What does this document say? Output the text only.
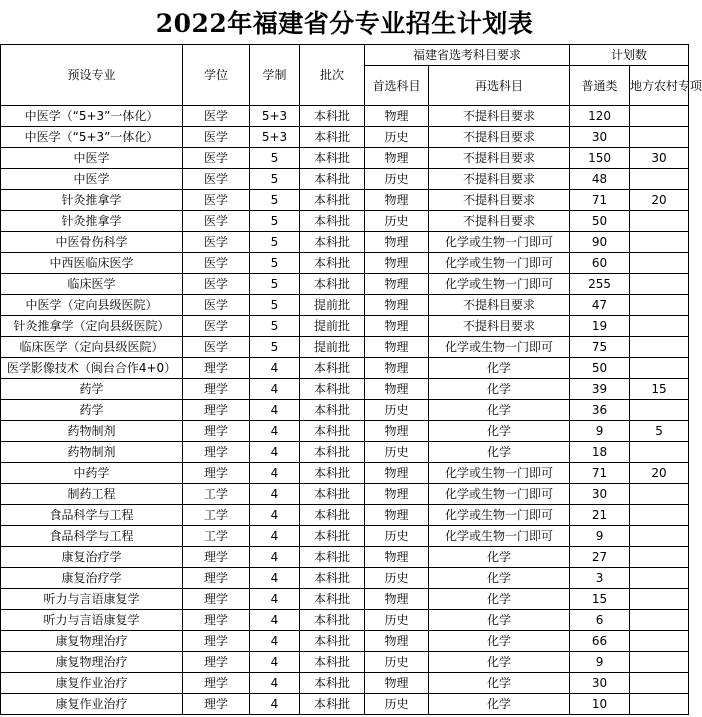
2022年福建省分专业招生计划表
预设专业	学位	学制	批次	福建省选考科目要求		计划数	
				首选科目	再选科目	普通类	地方农村专项
中医学（“5+3”一体化）	医学	5+3	本科批	物理	不提科目要求	120	
中医学（“5+3”一体化）	医学	5+3	本科批	历史	不提科目要求	30	
中医学	医学	5	本科批	物理	不提科目要求	150	30
中医学	医学	5	本科批	历史	不提科目要求	48	
针灸推拿学	医学	5	本科批	物理	不提科目要求	71	20
针灸推拿学	医学	5	本科批	历史	不提科目要求	50	
中医骨伤科学	医学	5	本科批	物理	化学或生物一门即可	90	
中西医临床医学	医学	5	本科批	物理	化学或生物一门即可	60	
临床医学	医学	5	本科批	物理	化学或生物一门即可	255	
中医学（定向县级医院）	医学	5	提前批	物理	不提科目要求	47	
针灸推拿学（定向县级医院）	医学	5	提前批	物理	不提科目要求	19	
临床医学（定向县级医院）	医学	5	提前批	物理	化学或生物一门即可	75	
医学影像技术（闽台合作4+0）	理学	4	本科批	物理	化学	50	
药学	理学	4	本科批	物理	化学	39	15
药学	理学	4	本科批	历史	化学	36	
药物制剂	理学	4	本科批	物理	化学	9	5
药物制剂	理学	4	本科批	历史	化学	18	
中药学	理学	4	本科批	物理	化学或生物一门即可	71	20
制药工程	工学	4	本科批	物理	化学或生物一门即可	30	
食品科学与工程	工学	4	本科批	物理	化学或生物一门即可	21	
食品科学与工程	工学	4	本科批	历史	化学或生物一门即可	9	
康复治疗学	理学	4	本科批	物理	化学	27	
康复治疗学	理学	4	本科批	历史	化学	3	
听力与言语康复学	理学	4	本科批	物理	化学	15	
听力与言语康复学	理学	4	本科批	历史	化学	6	
康复物理治疗	理学	4	本科批	物理	化学	66	
康复物理治疗	理学	4	本科批	历史	化学	9	
康复作业治疗	理学	4	本科批	物理	化学	30	
康复作业治疗	理学	4	本科批	历史	化学	10	
